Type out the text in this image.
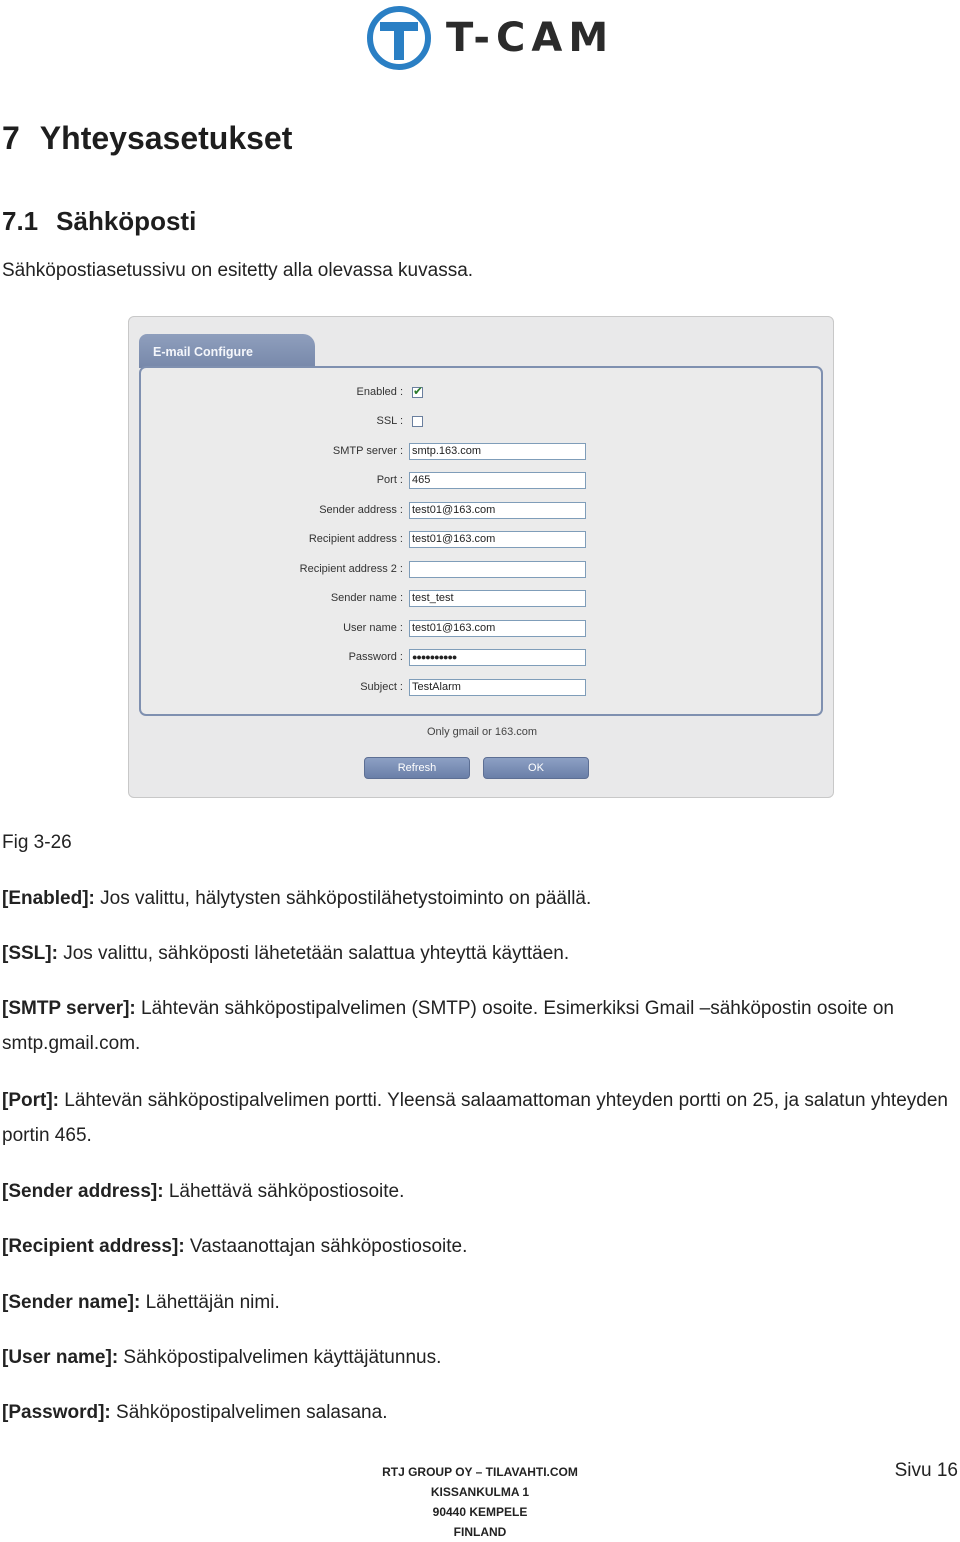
T-CAM
7 Yhteysasetukset
7.1 Sähköposti

Sähköpostiasetussivu on esitetty alla olevassa kuvassa.

E-mail Configure
Enabled : ✔
SSL :
SMTP server : smtp.163.com
Port : 465
Sender address : test01@163.com
Recipient address : test01@163.com
Recipient address 2 :
Sender name : test_test
User name : test01@163.com
Password :	●●●●●●●●●●
Subject : TestAlarm
Only gmail or 163.com
Refresh	OK

Fig 3-26

[Enabled]: Jos valittu, hälytysten sähköpostilähetystoiminto on päällä.

[SSL]: Jos valittu, sähköposti lähetetään salattua yhteyttä käyttäen.

[SMTP server]: Lähtevän sähköpostipalvelimen (SMTP) osoite. Esimerkiksi Gmail –sähköpostin osoite on smtp.gmail.com.

[Port]: Lähtevän sähköpostipalvelimen portti. Yleensä salaamattoman yhteyden portti on 25, ja salatun yhteyden portin 465.

[Sender address]: Lähettävä sähköpostiosoite.

[Recipient address]: Vastaanottajan sähköpostiosoite.

[Sender name]: Lähettäjän nimi.

[User name]: Sähköpostipalvelimen käyttäjätunnus.

[Password]: Sähköpostipalvelimen salasana.

RTJ GROUP OY – TILAVAHTI.COM
KISSANKULMA 1
90440 KEMPELE
FINLAND
Sivu 16
